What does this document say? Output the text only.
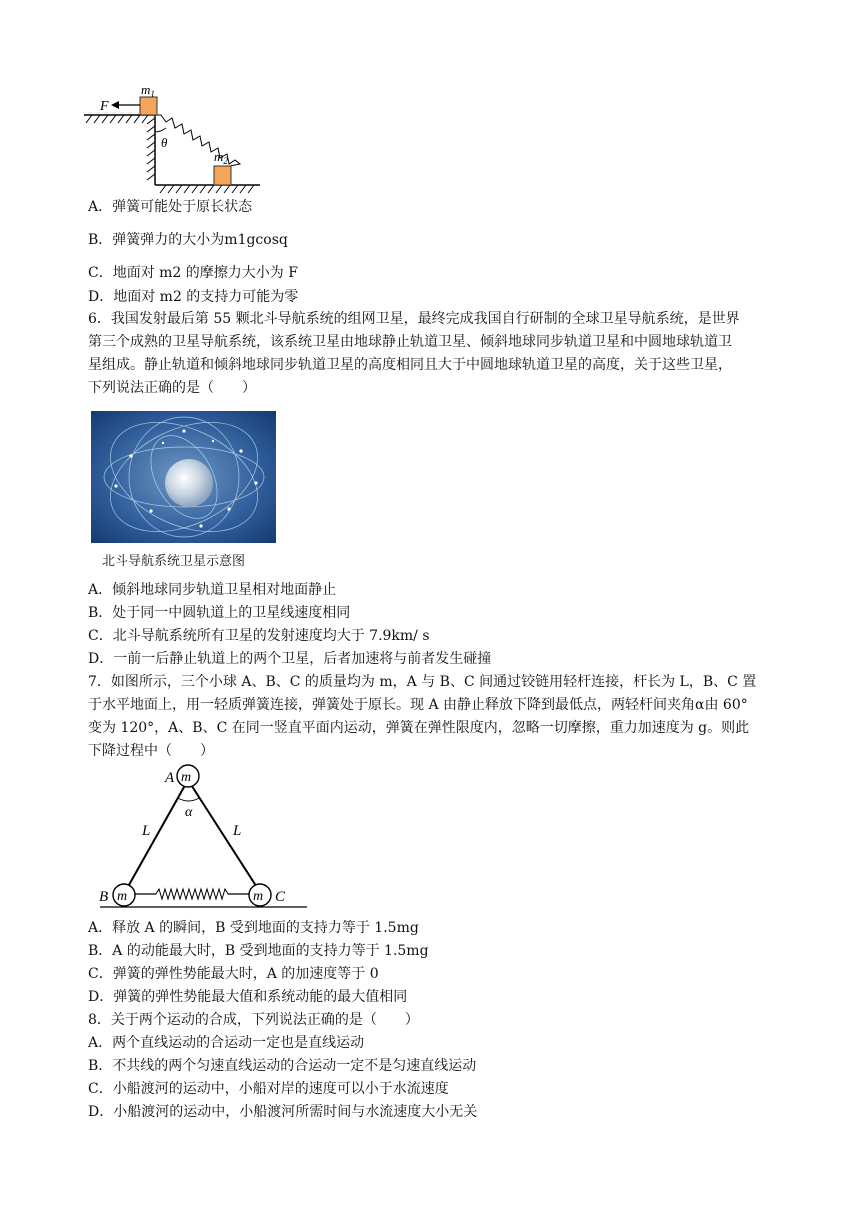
F
$m_1$
$m_2$
θ
A．弹簧可能处于原长状态
B．弹簧弹力的大小为m1gcosq
C．地面对 m2 的摩擦力大小为 F
D．地面对 m2 的支持力可能为零
6．我国发射最后第 55 颗北斗导航系统的组网卫星，最终完成我国自行研制的全球卫星导航系统，是世界
第三个成熟的卫星导航系统，该系统卫星由地球静止轨道卫星、倾斜地球同步轨道卫星和中圆地球轨道卫
星组成。静止轨道和倾斜地球同步轨道卫星的高度相同且大于中圆地球轨道卫星的高度，关于这些卫星，
下列说法正确的是（　　）
北斗导航系统卫星示意图
A．倾斜地球同步轨道卫星相对地面静止
B．处于同一中圆轨道上的卫星线速度相同
C．北斗导航系统所有卫星的发射速度均大于 7.9km/ s
D．一前一后静止轨道上的两个卫星，后者加速将与前者发生碰撞
7．如图所示，三个小球 A、B、C 的质量均为 m，A 与 B、C 间通过铰链用轻杆连接，杆长为 L，B、C 置
于水平地面上，用一轻质弹簧连接，弹簧处于原长。现 A 由静止释放下降到最低点，两轻杆间夹角α由 60°
变为 120°，A、B、C 在同一竖直平面内运动，弹簧在弹性限度内，忽略一切摩擦，重力加速度为 g。则此
下降过程中（　　）
m
m	m
A
B	C
L	L
α
A．释放 A 的瞬间，B 受到地面的支持力等于 1.5mg
B．A 的动能最大时，B 受到地面的支持力等于 1.5mg
C．弹簧的弹性势能最大时，A 的加速度等于 0
D．弹簧的弹性势能最大值和系统动能的最大值相同
8．关于两个运动的合成，下列说法正确的是（　　）
A．两个直线运动的合运动一定也是直线运动
B．不共线的两个匀速直线运动的合运动一定不是匀速直线运动
C．小船渡河的运动中，小船对岸的速度可以小于水流速度
D．小船渡河的运动中，小船渡河所需时间与水流速度大小无关
